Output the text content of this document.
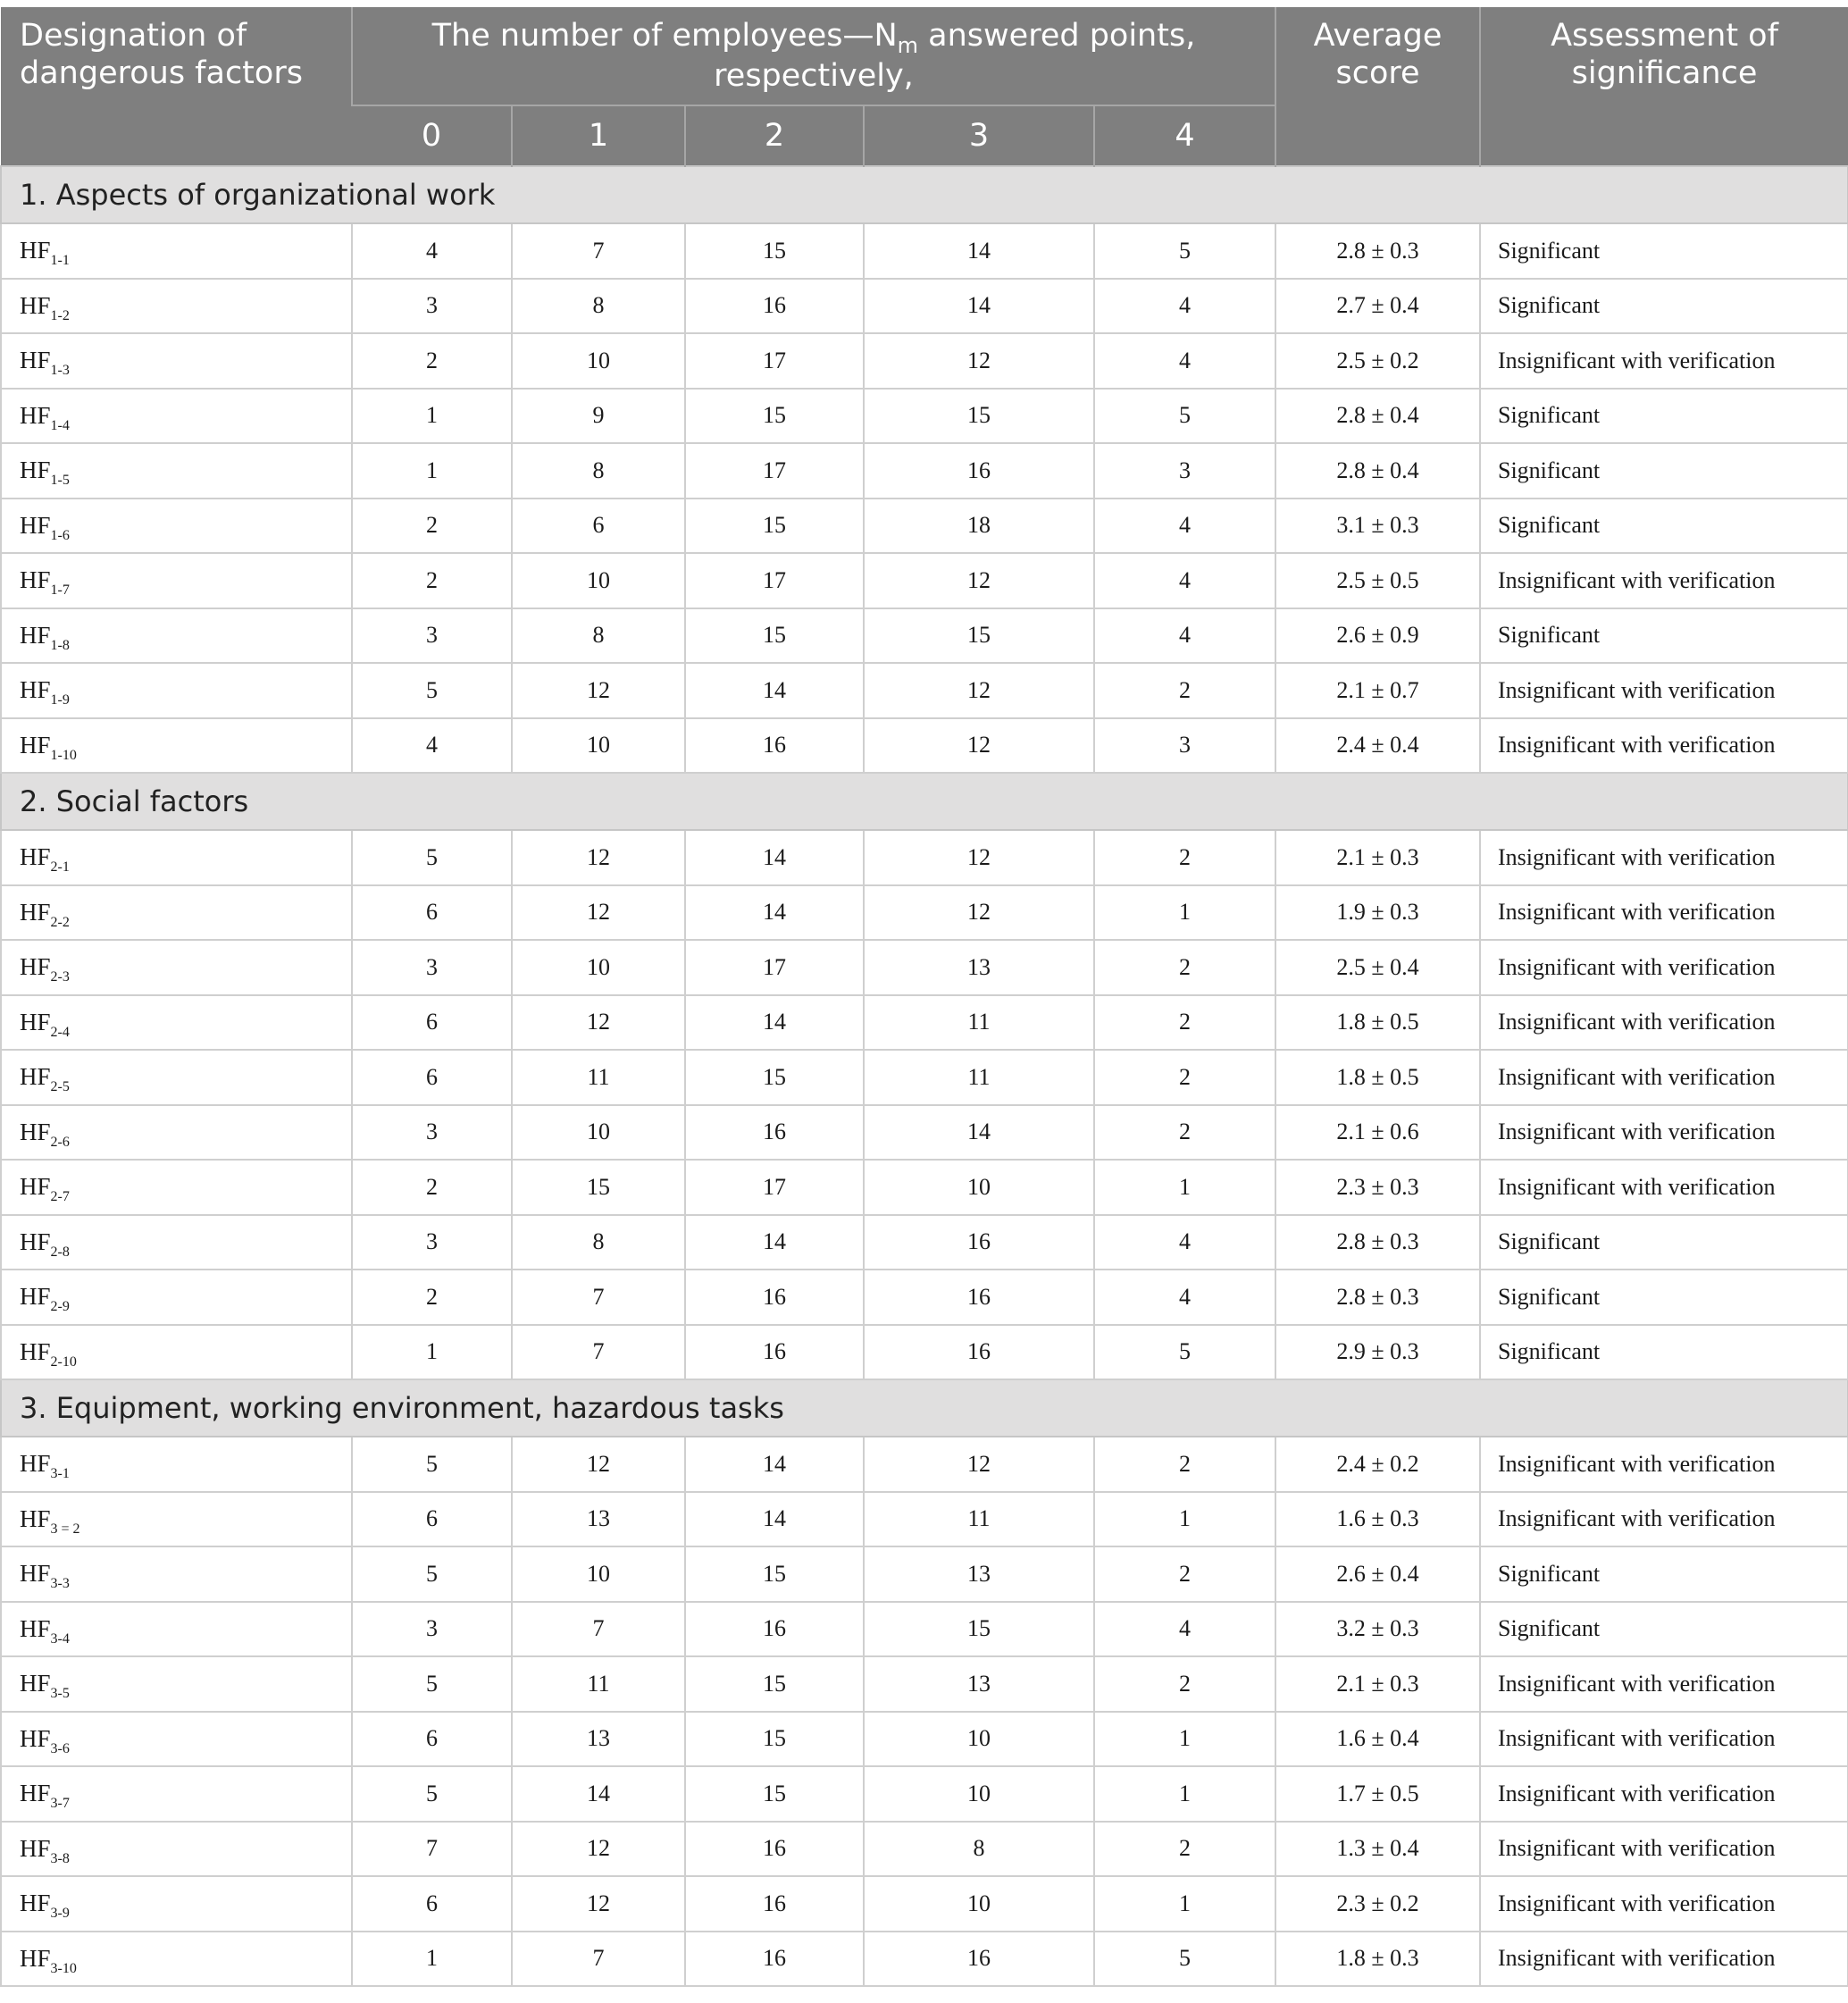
Designation of dangerous factors	The number of $employees—N_m$ answered points, respectively,					Average score	Assessment of significance
	0	1	2	3	4		
1. Aspects of organizational work							
$HF_{1-1}$	4	7	15	14	5	2.8 ± 0.3	Significant
$HF_{1-2}$	3	8	16	14	4	2.7 ± 0.4	Significant
$HF_{1-3}$	2	10	17	12	4	2.5 ± 0.2	Insignificant with verification
$HF_{1-4}$	1	9	15	15	5	2.8 ± 0.4	Significant
$HF_{1-5}$	1	8	17	16	3	2.8 ± 0.4	Significant
$HF_{1-6}$	2	6	15	18	4	3.1 ± 0.3	Significant
$HF_{1-7}$	2	10	17	12	4	2.5 ± 0.5	Insignificant with verification
$HF_{1-8}$	3	8	15	15	4	2.6 ± 0.9	Significant
$HF_{1-9}$	5	12	14	12	2	2.1 ± 0.7	Insignificant with verification
$HF_{1-10}$	4	10	16	12	3	2.4 ± 0.4	Insignificant with verification
2. Social factors							
$HF_{2-1}$	5	12	14	12	2	2.1 ± 0.3	Insignificant with verification
$HF_{2-2}$	6	12	14	12	1	1.9 ± 0.3	Insignificant with verification
$HF_{2-3}$	3	10	17	13	2	2.5 ± 0.4	Insignificant with verification
$HF_{2-4}$	6	12	14	11	2	1.8 ± 0.5	Insignificant with verification
$HF_{2-5}$	6	11	15	11	2	1.8 ± 0.5	Insignificant with verification
$HF_{2-6}$	3	10	16	14	2	2.1 ± 0.6	Insignificant with verification
$HF_{2-7}$	2	15	17	10	1	2.3 ± 0.3	Insignificant with verification
$HF_{2-8}$	3	8	14	16	4	2.8 ± 0.3	Significant
$HF_{2-9}$	2	7	16	16	4	2.8 ± 0.3	Significant
$HF_{2-10}$	1	7	16	16	5	2.9 ± 0.3	Significant
3. Equipment, working environment, hazardous tasks							
$HF_{3-1}$	5	12	14	12	2	2.4 ± 0.2	Insignificant with verification
$HF_{3 = 2}$	6	13	14	11	1	1.6 ± 0.3	Insignificant with verification
$HF_{3-3}$	5	10	15	13	2	2.6 ± 0.4	Significant
$HF_{3-4}$	3	7	16	15	4	3.2 ± 0.3	Significant
$HF_{3-5}$	5	11	15	13	2	2.1 ± 0.3	Insignificant with verification
$HF_{3-6}$	6	13	15	10	1	1.6 ± 0.4	Insignificant with verification
$HF_{3-7}$	5	14	15	10	1	1.7 ± 0.5	Insignificant with verification
$HF_{3-8}$	7	12	16	8	2	1.3 ± 0.4	Insignificant with verification
$HF_{3-9}$	6	12	16	10	1	2.3 ± 0.2	Insignificant with verification
$HF_{3-10}$	1	7	16	16	5	1.8 ± 0.3	Insignificant with verification
